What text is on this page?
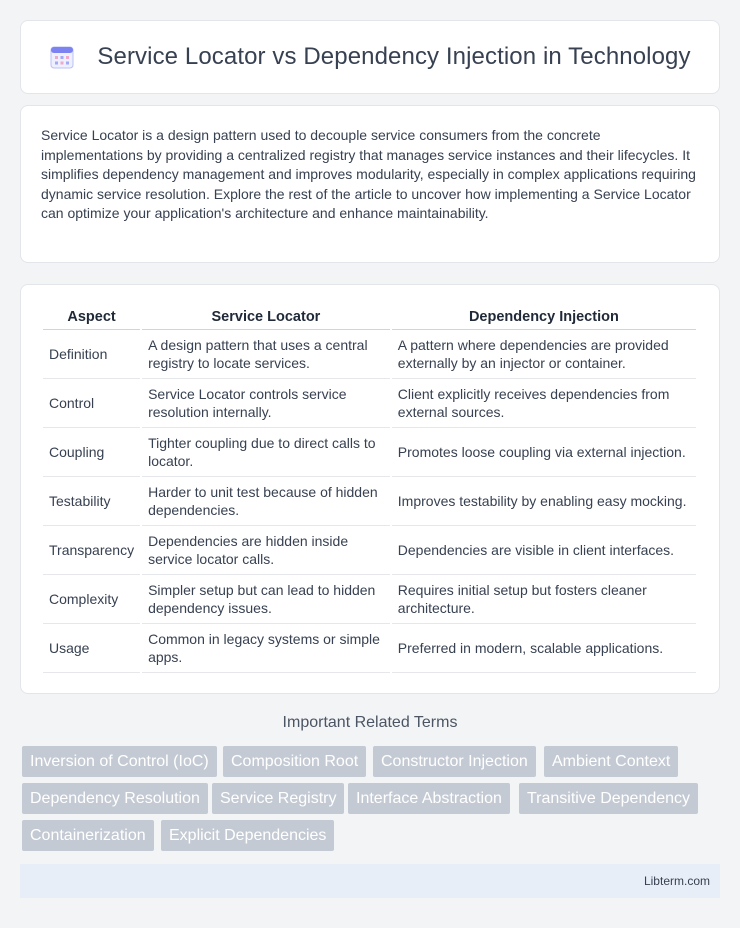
Service Locator vs Dependency Injection in Technology

Service Locator is a design pattern used to decouple service consumers from the concrete implementations by providing a centralized registry that manages service instances and their lifecycles. It simplifies dependency management and improves modularity, especially in complex applications requiring dynamic service resolution. Explore the rest of the article to uncover how implementing a Service Locator can optimize your application's architecture and enhance maintainability.

Aspect	Service Locator	Dependency Injection
Definition	A design pattern that uses a central registry to locate services.	A pattern where dependencies are provided externally by an injector or container.
Control	Service Locator controls service resolution internally.	Client explicitly receives dependencies from external sources.
Coupling	Tighter coupling due to direct calls to locator.	Promotes loose coupling via external injection.
Testability	Harder to unit test because of hidden dependencies.	Improves testability by enabling easy mocking.
Transparency	Dependencies are hidden inside service locator calls.	Dependencies are visible in client interfaces.
Complexity	Simpler setup but can lead to hidden dependency issues.	Requires initial setup but fosters cleaner architecture.
Usage	Common in legacy systems or simple apps.	Preferred in modern, scalable applications.
Important Related Terms
Inversion of Control (IoC)	Composition Root	Constructor Injection	Ambient Context
Dependency Resolution	Service Registry	Interface Abstraction	Transitive Dependency
Containerization	Explicit Dependencies
Libterm.com
